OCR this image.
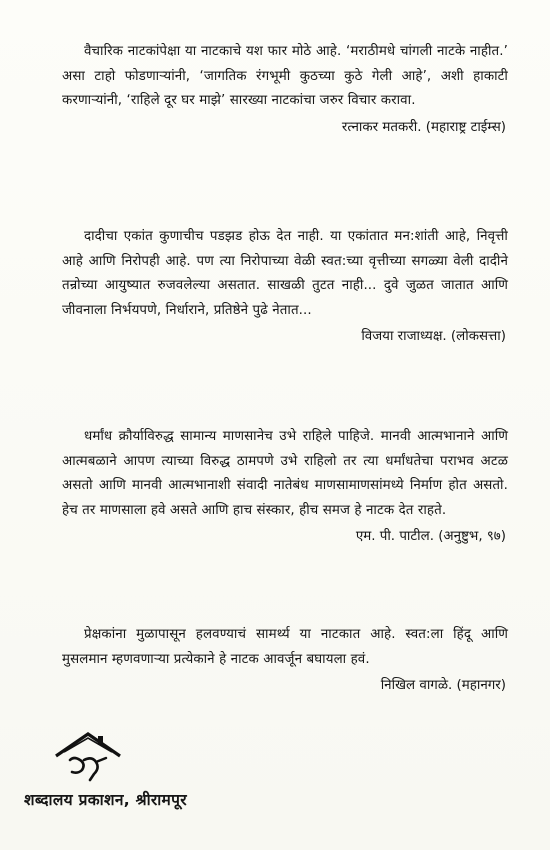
वैचारिक नाटकांपेक्षा या नाटकाचे यश फार मोठे आहे. ‘मराठीमधे चांगली नाटके नाहीत.’ असा टाहो फोडणाऱ्यांनी, ‘जागतिक रंगभूमी कुठच्या कुठे गेली आहे’, अशी हाकाटी करणाऱ्यांनी, ‘राहिले दूर घर माझे’ सारख्या नाटकांचा जरुर विचार करावा.

रत्नाकर मतकरी. (महाराष्ट्र टाईम्स)

दादीचा एकांत कुणाचीच पडझड होऊ देत नाही. या एकांतात मन:शांती आहे, निवृत्ती आहे आणि निरोपही आहे. पण त्या निरोपाच्या वेळी स्वत:च्या वृत्तीच्या सगळ्या वेली दादीने तन्रोच्या आयुष्यात रुजवलेल्या असतात. साखळी तुटत नाही... दुवे जुळत जातात आणि जीवनाला निर्भयपणे, निर्धाराने, प्रतिष्ठेने पुढे नेतात...

विजया राजाध्यक्ष. (लोकसत्ता)

धर्मांध क्रौर्याविरुद्ध सामान्य माणसानेच उभे राहिले पाहिजे. मानवी आत्मभानाने आणि आत्मबळाने आपण त्याच्या विरुद्ध ठामपणे उभे राहिलो तर त्या धर्मांधतेचा पराभव अटळ असतो आणि मानवी आत्मभानाशी संवादी नातेबंध माणसामाणसांमध्ये निर्माण होत असतो. हेच तर माणसाला हवे असते आणि हाच संस्कार, हीच समज हे नाटक देत राहते.

एम. पी. पाटील. (अनुष्टुभ, ९७)

प्रेक्षकांना मुळापासून हलवण्याचं सामर्थ्य या नाटकात आहे. स्वत:ला हिंदू आणि मुसलमान म्हणवणाऱ्या प्रत्येकाने हे नाटक आवर्जून बघायला हवं.

निखिल वागळे. (महानगर)

शब्दालय प्रकाशन, श्रीरामपूर
